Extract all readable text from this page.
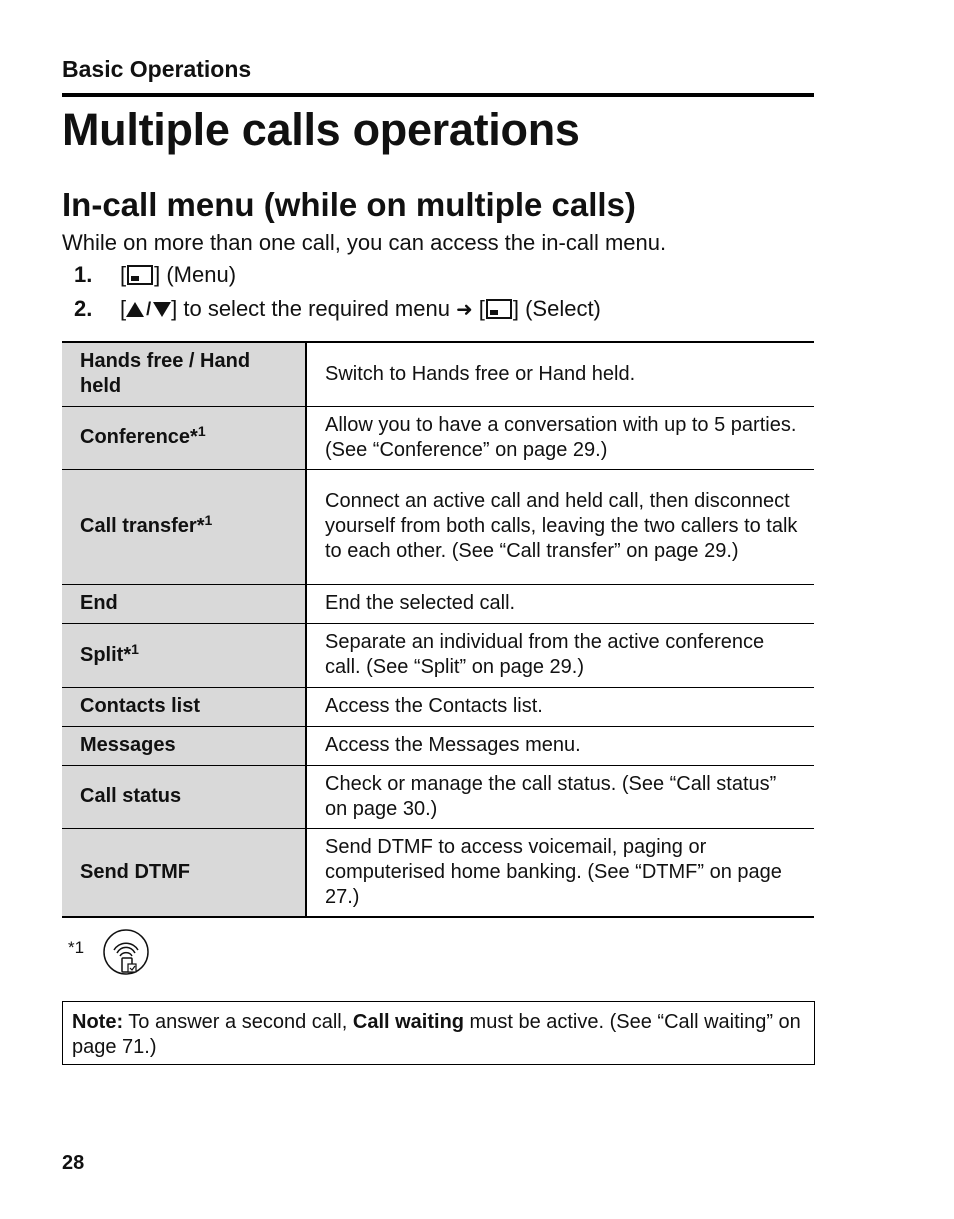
Basic Operations
Multiple calls operations
In-call menu (while on multiple calls)
While on more than one call, you can access the in-call menu.
1.	[ ] (Menu)
2.	[ / ] to select the required menu ➜ [ ] (Select)
Hands free / Hand held	Switch to Hands free or Hand held.
Conference*$^1$	Allow you to have a conversation with up to 5 parties. (See “Conference” on page 29.)
Call transfer*$^1$	Connect an active call and held call, then disconnect yourself from both calls, leaving the two callers to talk to each other. (See “Call transfer” on page 29.)
End	End the selected call.
Split*$^1$	Separate an individual from the active conference call. (See “Split” on page 29.)
Contacts list	Access the Contacts list.
Messages	Access the Messages menu.
Call status	Check or manage the call status. (See “Call status” on page 30.)
Send DTMF	Send DTMF to access voicemail, paging or computerised home banking. (See “DTMF” on page 27.)
*1
Note: To answer a second call, Call waiting must be active. (See “Call waiting” on page 71.)
28
